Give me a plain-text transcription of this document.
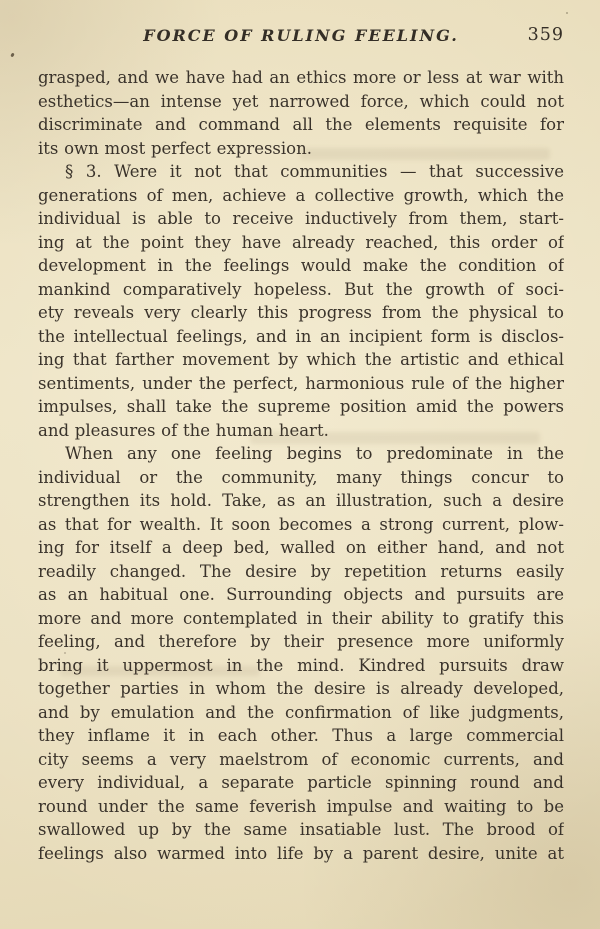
FORCE OF RULING FEELING.	359
grasped, and we have had an ethics more or less at war with
esthetics—an intense yet narrowed force, which could not
discriminate and command all the elements requisite for
its own most perfect expression.
§ 3. Were it not that communities — that successive
generations of men, achieve a collective growth, which the
individual is able to receive inductively from them, start-
ing at the point they have already reached, this order of
development in the feelings would make the condition of
mankind comparatively hopeless. But the growth of soci-
ety reveals very clearly this progress from the physical to
the intellectual feelings, and in an incipient form is disclos-
ing that farther movement by which the artistic and ethical
sentiments, under the perfect, harmonious rule of the higher
impulses, shall take the supreme position amid the powers
and pleasures of the human heart.
When any one feeling begins to predominate in the
individual or the community, many things concur to
strengthen its hold. Take, as an illustration, such a desire
as that for wealth. It soon becomes a strong current, plow-
ing for itself a deep bed, walled on either hand, and not
readily changed. The desire by repetition returns easily
as an habitual one. Surrounding objects and pursuits are
more and more contemplated in their ability to gratify this
feeling, and therefore by their presence more uniformly
bring it uppermost in the mind. Kindred pursuits draw
together parties in whom the desire is already developed,
and by emulation and the confirmation of like judgments,
they inflame it in each other. Thus a large commercial
city seems a very maelstrom of economic currents, and
every individual, a separate particle spinning round and
round under the same feverish impulse and waiting to be
swallowed up by the same insatiable lust. The brood of
feelings also warmed into life by a parent desire, unite at
